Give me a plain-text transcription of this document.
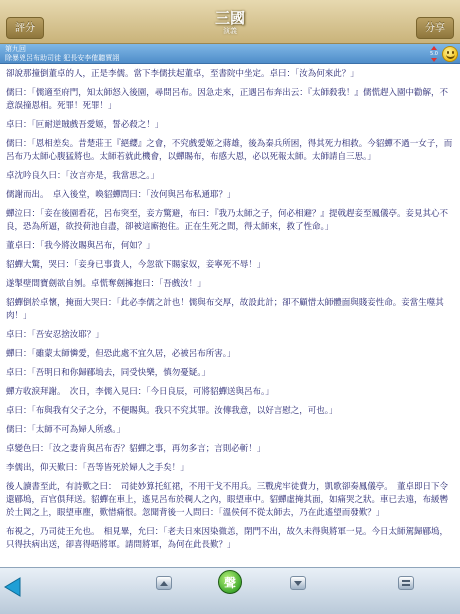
評分
三國
演義	分享
第九回
除暴兇呂布助司徒 犯長安李傕聽賈詡	5.0

卻說那撞倒董卓的人，正是李儒。當下李儒扶起董卓，至書院中坐定。卓曰：「汝為何來此？」

儒曰：「儒適至府門，知太師怒入後園，尋問呂布。因急走來，正遇呂布奔出云：『太師殺我！』儒慌趕入園中勸解，不意誤撞恩相。死罪！死罪！」

卓曰：「叵耐逆賊戲吾愛姬，誓必殺之！」

儒曰：「恩相差矣。昔楚莊王『絕纓』之會，不究戲愛姬之蔣雄，後為秦兵所困，得其死力相救。今貂蟬不過一女子，而呂布乃太師心腹猛將也。太師若就此機會，以蟬賜布，布感大恩，必以死報太師。太師請自三思。」

卓沈吟良久曰：「汝言亦是，我當思之。」

儒謝而出。　卓入後堂，喚貂蟬問曰：「汝何與呂布私通耶？」

蟬泣曰：「妾在後園看花，呂布突至，妾方驚避，布曰：『我乃太師之子，何必相避？』提戟趕妾至鳳儀亭。妾見其心不良，恐為所逼，欲投荷池自盡，卻被這廝抱住。正在生死之間，得太師來，救了性命。」

董卓曰：「我今將汝賜與呂布，何如？」

貂蟬大驚，哭曰：「妾身已事貴人，今忽欲下賜家奴，妾寧死不辱！」

遂掣壁間寶劍欲自刎。卓慌奪劍擁抱曰：「吾戲汝！」

貂蟬倒於卓懷，掩面大哭曰：「此必李儒之計也！儒與布交厚，故設此計；卻不顧惜太師體面與賤妾性命。妾當生噬其肉！」

卓曰：「吾安忍捨汝耶？」

蟬曰：「雖蒙太師憐愛，但恐此處不宜久居，必被呂布所害。」

卓曰：「吾明日和你歸郿塢去，同受快樂，慎勿憂疑。」

蟬方收淚拜謝。　次日，李儒入見曰：「今日良辰，可將貂蟬送與呂布。」

卓曰：「布與我有父子之分，不便賜與。我只不究其罪。汝傳我意，以好言慰之，可也。」

儒曰：「太師不可為婦人所惑。」

卓變色曰：「汝之妻肯與呂布否？貂蟬之事，再勿多言；言則必斬！」

李儒出，仰天歎曰：「吾等皆死於婦人之手矣！」

後人讀書至此，有詩歎之曰：　司徒妙算托紅裙，不用干戈不用兵。三戰虎牢徒費力，凱歌卻奏鳳儀亭。　董卓即日下令還郿塢，百官俱拜送。貂蟬在車上，遙見呂布於稠人之內，眼望車中。貂蟬虛掩其面，如痛哭之狀。車已去遠，布緩轡於土岡之上，眼望車塵，歎惜痛恨。忽聞背後一人問曰：「溫侯何不從太師去，乃在此遙望而發歎？」

布視之，乃司徒王允也。　相見畢，允曰：「老夫日來因染微恙，閉門不出，故久未得與將軍一見。今日太師駕歸郿塢，只得扶病出送，卻喜得晤將軍。請問將軍，為何在此長歎？」

聲
